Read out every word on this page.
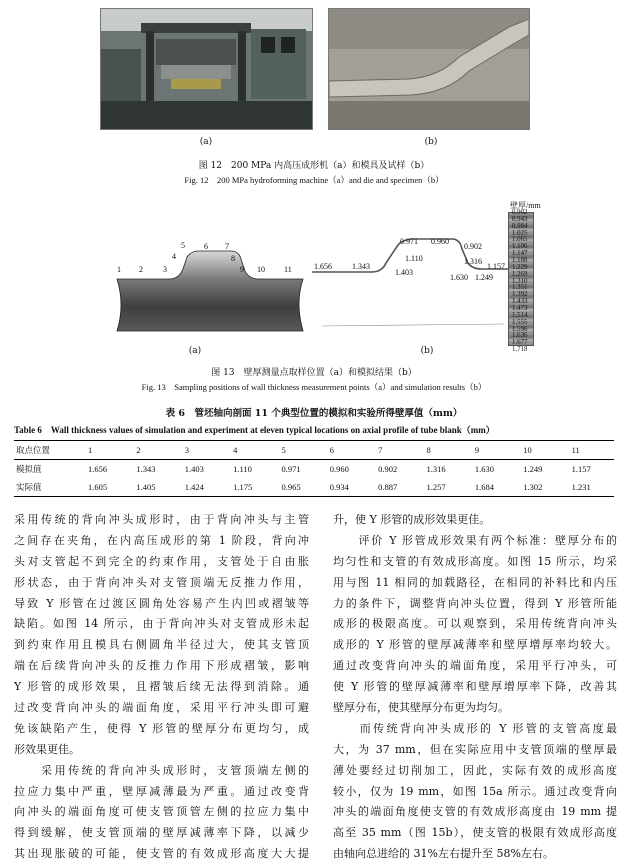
(a)	(b)
图 12　200 MPa 内高压成形机（a）和模具及试样（b）
Fig. 12　200 MPa hydroforming machine（a）and die and specimen（b）
1 2	3
4
5 6 7
8
9 10 11	1.656	1.343
1.403
1.110
0.971 0.960
0.902
1.316
1.630 1.249
1.157
壁厚/mm
0.902
0.943
0.984
1.025
1.065
1.106
1.147
1.188
1.229
1.269
1.310
1.351
1.392
1.433
1.473
1.514
1.555
1.596
1.636
1.677
1.718
(a)	(b)
图 13　壁厚测量点取样位置（a）和模拟结果（b）
Fig. 13　Sampling positions of wall thickness measurement points（a）and simulation results（b）
表 6　管坯轴向剖面 11 个典型位置的模拟和实验所得壁厚值（mm）
Table 6　Wall thickness values of simulation and experiment at eleven typical locations on axial profile of tube blank（mm）
取点位置	1	2	3	4	5	6	7	8	9	10	11
模拟值	1.656	1.343	1.403	1.110	0.971	0.960	0.902	1.316	1.630	1.249	1.157
实际值	1.605	1.405	1.424	1.175	0.965	0.934	0.887	1.257	1.684	1.302	1.231
采用传统的背向冲头成形时，由于背向冲头与主管
之间存在夹角，在内高压成形的第 1 阶段，背向冲
头对支管起不到完全的约束作用，支管处于自由胀
形状态，由于背向冲头对支管顶端无反推力作用，
导致 Y 形管在过渡区圆角处容易产生内凹或褶皱等
缺陷。如图 14 所示，由于背向冲头对支管成形未起
到约束作用且模具右侧圆角半径过大，使其支管顶
端在后续背向冲头的反推力作用下形成褶皱，影响
Y 形管的成形效果，且褶皱后续无法得到消除。通
过改变背向冲头的端面角度，采用平行冲头即可避
免该缺陷产生，使得 Y 形管的壁厚分布更均匀，成
形效果更佳。
　　采用传统的背向冲头成形时，支管顶端左侧的
拉应力集中严重，壁厚减薄最为严重。通过改变背
向冲头的端面角度可使支管顶管左侧的拉应力集中
得到缓解，使支管顶端的壁厚减薄率下降，以减少
其出现胀破的可能，使支管的有效成形高度大大提
升，使 Y 形管的成形效果更佳。
　　评价 Y 形管成形效果有两个标准：壁厚分布的
均匀性和支管的有效成形高度。如图 15 所示，均采
用与图 11 相同的加载路径，在相同的补料比和内压
力的条件下，调整背向冲头位置，得到 Y 形管所能
成形的极限高度。可以观察到，采用传统背向冲头
成形的 Y 形管的壁厚减薄率和壁厚增厚率均较大。
通过改变背向冲头的端面角度，采用平行冲头，可
使 Y 形管的壁厚减薄率和壁厚增厚率下降，改善其
壁厚分布，使其壁厚分布更为均匀。
　　而传统背向冲头成形的 Y 形管的支管高度最
大，为 37 mm，但在实际应用中支管顶端的壁厚最
薄处要经过切削加工，因此，实际有效的成形高度
较小，仅为 19 mm，如图 15a 所示。通过改变背向
冲头的端面角度使支管的有效成形高度由 19 mm 提
高至 35 mm（图 15b），使支管的极限有效成形高度
由轴向总进给的 31%左右提升至 58%左右。
